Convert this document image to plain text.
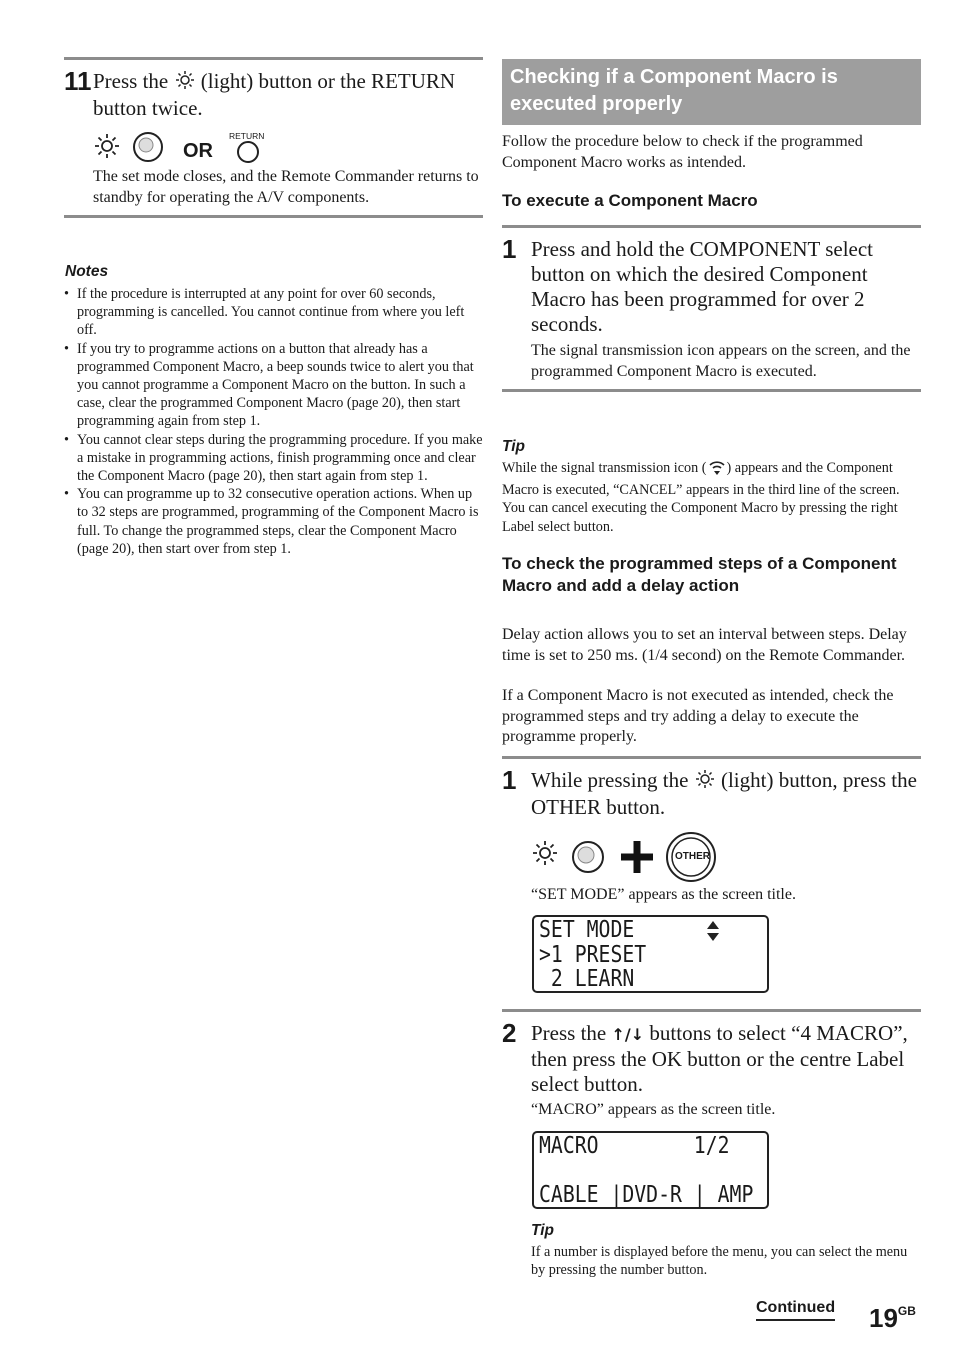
11 Press the (light) button or the RETURN button twice.
OR
RETURN
The set mode closes, and the Remote Commander returns to standby for operating the A/V components.
Notes
• If the procedure is interrupted at any point for over 60 seconds, programming is cancelled. You cannot continue from where you left off.
• If you try to programme actions on a button that already has a programmed Component Macro, a beep sounds twice to alert you that you cannot programme a Component Macro on the button. In such a case, clear the programmed Component Macro (page 20), then start programming again from step 1.
• You cannot clear steps during the programming procedure. If you make a mistake in programming actions, finish programming once and clear the Component Macro (page 20), then start again from step 1.
• You can programme up to 32 consecutive operation actions. When up to 32 steps are programmed, programming of the Component Macro is full. To change the programmed steps, clear the Component Macro (page 20), then start over from step 1.
Checking if a Component Macro is executed properly
Follow the procedure below to check if the programmed Component Macro works as intended.
To execute a Component Macro
1 Press and hold the COMPONENT select button on which the desired Component Macro has been programmed for over 2 seconds.
The signal transmission icon appears on the screen, and the programmed Component Macro is executed.
Tip
While the signal transmission icon ( ) appears and the Component Macro is executed, “CANCEL” appears in the third line of the screen. You can cancel executing the Component Macro by pressing the right Label select button.
To check the programmed steps of a Component Macro and add a delay action
Delay action allows you to set an interval between steps. Delay time is set to 250 ms. (1/4 second) on the Remote Commander.
If a Component Macro is not executed as intended, check the programmed steps and try adding a delay to execute the programme properly.
1 While pressing the (light) button, press the OTHER button.
OTHER
“SET MODE” appears as the screen title.
SET MODE
>1 PRESET
2 LEARN
2 Press the ↑/↓ buttons to select “4 MACRO”, then press the OK button or the centre Label select button.
“MACRO” appears as the screen title.
MACRO        1/2
CABLE |DVD-R | AMP
Tip
If a number is displayed before the menu, you can select the menu by pressing the number button.
Continued $19^{GB}$
